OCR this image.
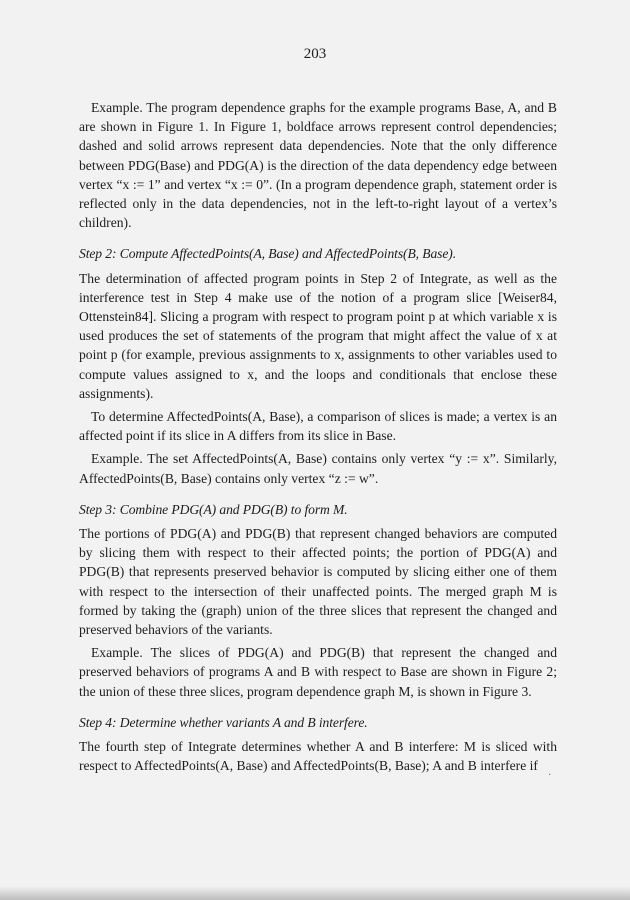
203

Example. The program dependence graphs for the example programs Base, A, and B are shown in Figure 1. In Figure 1, boldface arrows represent control dependencies; dashed and solid arrows represent data dependencies. Note that the only difference between PDG(Base) and PDG(A) is the direction of the data dependency edge between vertex “x := 1” and vertex “x := 0”. (In a program dependence graph, statement order is reflected only in the data dependencies, not in the left-to-right layout of a vertex’s children).

Step 2: Compute AffectedPoints(A, Base) and AffectedPoints(B, Base).

The determination of affected program points in Step 2 of Integrate, as well as the interference test in Step 4 make use of the notion of a program slice [Weiser84, Ottenstein84]. Slicing a program with respect to program point p at which variable x is used produces the set of statements of the program that might affect the value of x at point p (for example, previous assignments to x, assignments to other variables used to compute values assigned to x, and the loops and conditionals that enclose these assignments).

To determine AffectedPoints(A, Base), a comparison of slices is made; a vertex is an affected point if its slice in A differs from its slice in Base.

Example. The set AffectedPoints(A, Base) contains only vertex “y := x”. Similarly, AffectedPoints(B, Base) contains only vertex “z := w”.

Step 3: Combine PDG(A) and PDG(B) to form M.

The portions of PDG(A) and PDG(B) that represent changed behaviors are computed by slicing them with respect to their affected points; the portion of PDG(A) and PDG(B) that represents preserved behavior is computed by slicing either one of them with respect to the intersection of their unaffected points. The merged graph M is formed by taking the (graph) union of the three slices that represent the changed and preserved behaviors of the variants.

Example. The slices of PDG(A) and PDG(B) that represent the changed and preserved behaviors of programs A and B with respect to Base are shown in Figure 2; the union of these three slices, program dependence graph M, is shown in Figure 3.

Step 4: Determine whether variants A and B interfere.

The fourth step of Integrate determines whether A and B interfere: M is sliced with respect to AffectedPoints(A, Base) and AffectedPoints(B, Base); A and B interfere if

·
